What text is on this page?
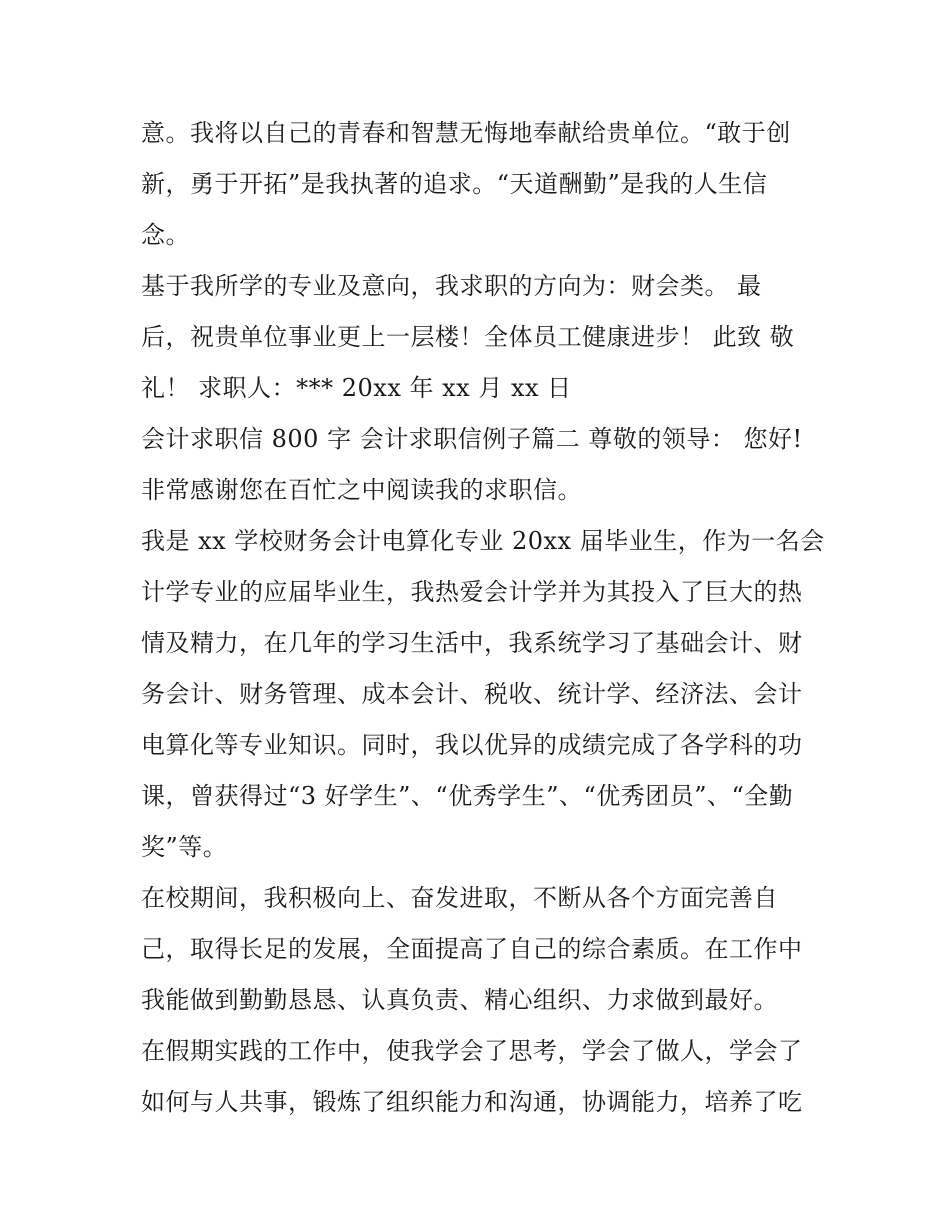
意。我将以自己的青春和智慧无悔地奉献给贵单位。“敢于创
新，勇于开拓”是我执著的追求。“天道酬勤”是我的人生信
念。
基于我所学的专业及意向，我求职的方向为：财会类。 最
后，祝贵单位事业更上一层楼！全体员工健康进步！ 此致 敬
礼！ 求职人：*** 20xx 年 xx 月 xx 日
会计求职信 800 字 会计求职信例子篇二 尊敬的领导： 您好!
非常感谢您在百忙之中阅读我的求职信。
我是 xx 学校财务会计电算化专业 20xx 届毕业生，作为一名会
计学专业的应届毕业生，我热爱会计学并为其投入了巨大的热
情及精力，在几年的学习生活中，我系统学习了基础会计、财
务会计、财务管理、成本会计、税收、统计学、经济法、会计
电算化等专业知识。同时，我以优异的成绩完成了各学科的功
课，曾获得过“3 好学生”、“优秀学生”、“优秀团员”、“全勤
奖”等。
在校期间，我积极向上、奋发进取，不断从各个方面完善自
己，取得长足的发展，全面提高了自己的综合素质。在工作中
我能做到勤勤恳恳、认真负责、精心组织、力求做到最好。
在假期实践的工作中，使我学会了思考，学会了做人，学会了
如何与人共事，锻炼了组织能力和沟通，协调能力，培养了吃
